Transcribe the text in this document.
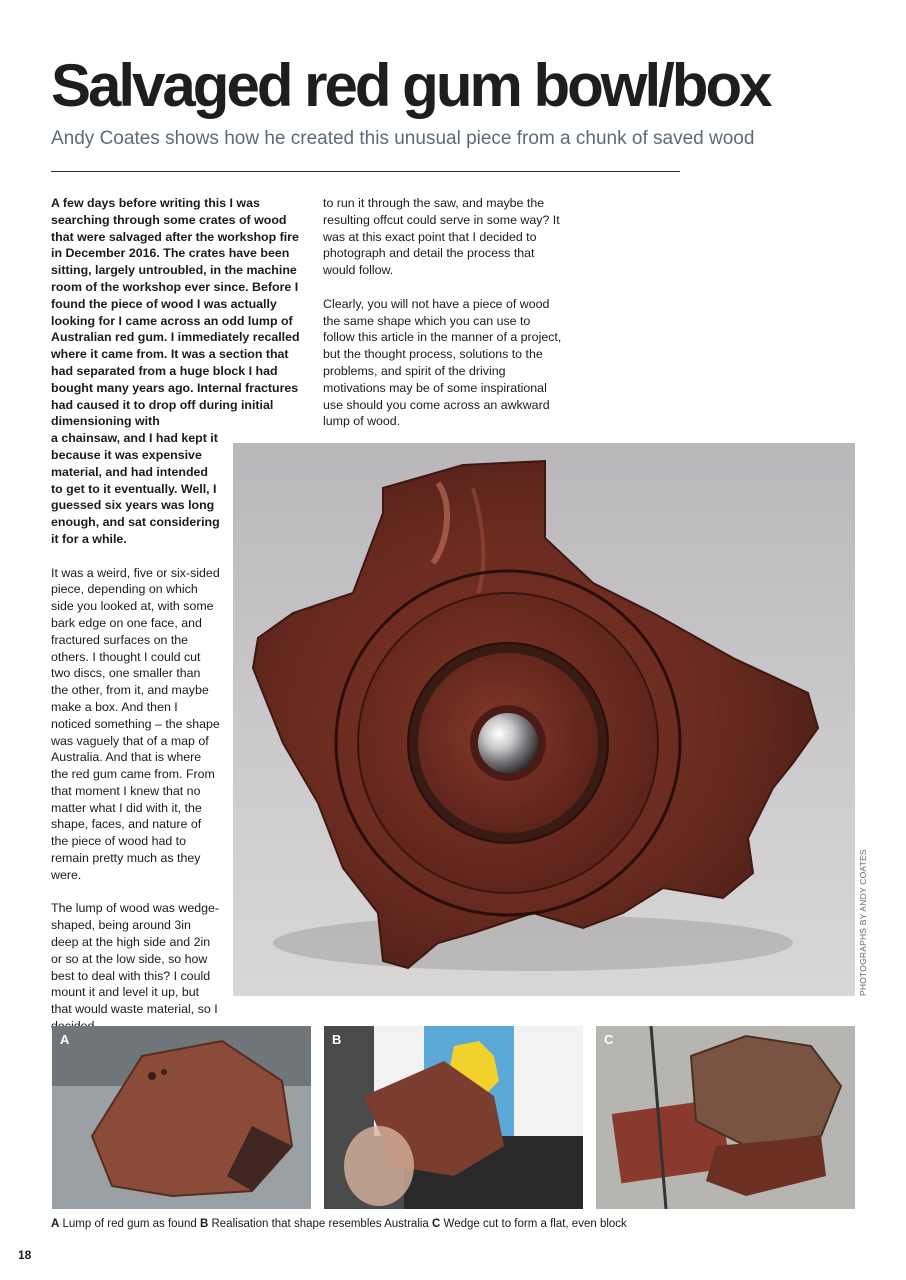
Salvaged red gum bowl/box
Andy Coates shows how he created this unusual piece from a chunk of saved wood

A few days before writing this I was searching through some crates of wood that were salvaged after the workshop fire in December 2016. The crates have been sitting, largely untroubled, in the machine room of the workshop ever since. Before I found the piece of wood I was actually looking for I came across an odd lump of Australian red gum. I immediately recalled where it came from. It was a section that had separated from a huge block I had bought many years ago. Internal fractures had caused it to drop off during initial dimensioning with

a chainsaw, and I had kept it because it was expensive material, and had intended to get to it eventually. Well, I guessed six years was long enough, and sat considering it for a while.

It was a weird, five or six-sided piece, depending on which side you looked at, with some bark edge on one face, and fractured surfaces on the others. I thought I could cut two discs, one smaller than the other, from it, and maybe make a box. And then I noticed something – the shape was vaguely that of a map of Australia. And that is where the red gum came from. From that moment I knew that no matter what I did with it, the shape, faces, and nature of the piece of wood had to remain pretty much as they were.

The lump of wood was wedge-shaped, being around 3in deep at the high side and 2in or so at the low side, so how best to deal with this? I could mount it and level it up, but that would waste material, so I

to run it through the saw, and maybe the resulting offcut could serve in some way? It was at this exact point that I decided to photograph and detail the process that would follow.

Clearly, you will not have a piece of wood the same shape which you can use to follow this article in the manner of a project, but the thought process, solutions to the problems, and spirit of the driving motivations may be of some inspirational use should you come across an awkward lump of wood.

PHOTOGRAPHS BY ANDY COATES
A	B	C
A Lump of red gum as found B Realisation that shape resembles Australia C Wedge cut to form a flat, even block
18
